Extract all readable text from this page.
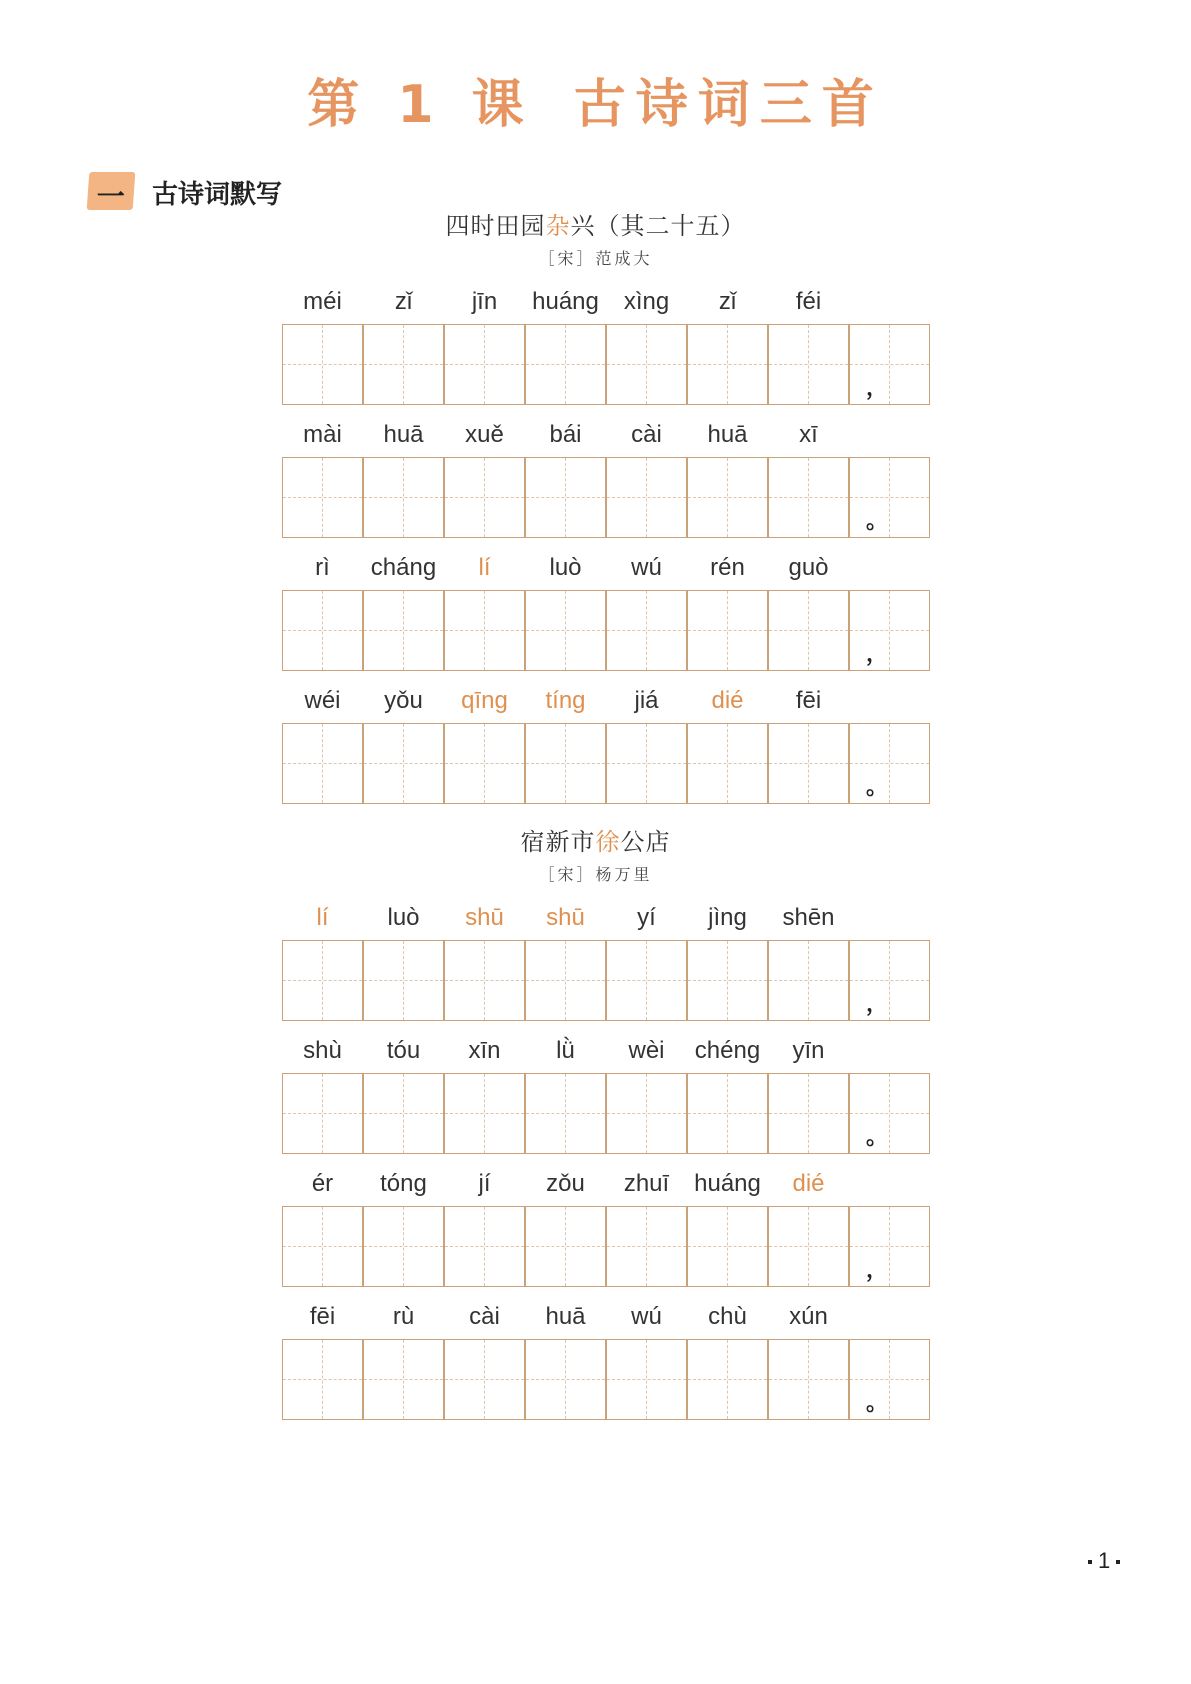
第 1 课 古诗词三首
一 古诗词默写
四时田园杂兴（其二十五）
［宋］范成大
méi	zǐ	jīn	huáng	xìng	zǐ	féi
，
mài	huā	xuě	bái	cài	huā	xī
。
rì	cháng	lí	luò	wú	rén	guò
，
wéi	yǒu	qīng	tíng	jiá	dié	fēi
。
宿新市徐公店
［宋］杨万里
lí	luò	shū	shū	yí	jìng	shēn
，
shù	tóu	xīn	lǜ	wèi	chéng	yīn
。
ér	tóng	jí	zǒu	zhuī	huáng	dié
，
fēi	rù	cài	huā	wú	chù	xún
。
1
